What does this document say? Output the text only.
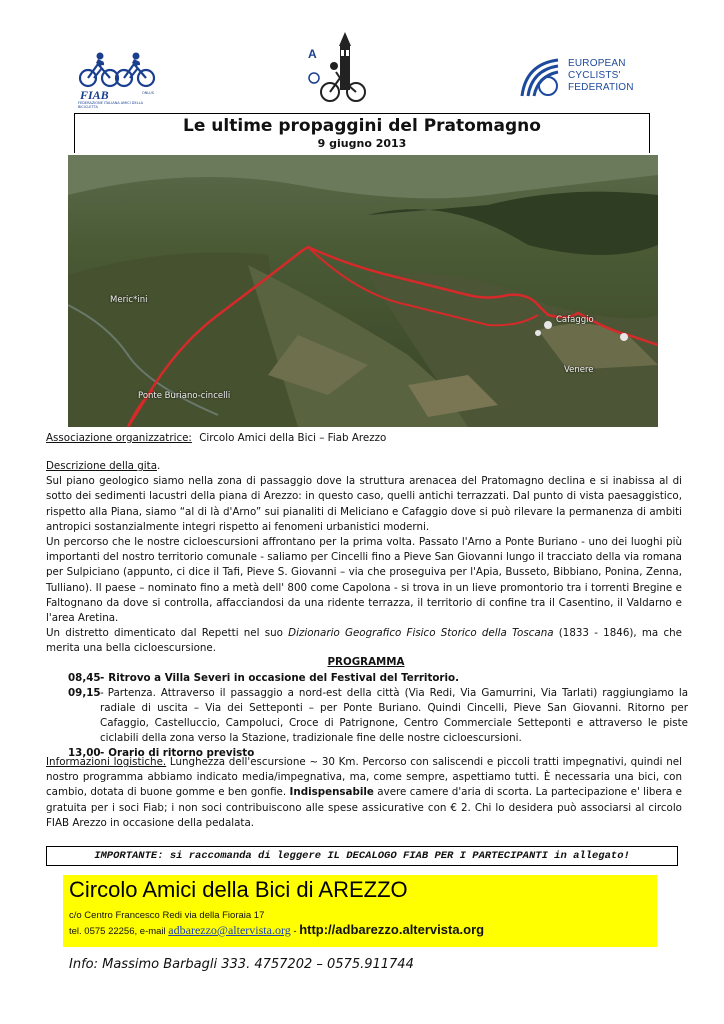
FIAB	ONLUS
FEDERAZIONE ITALIANA AMICI DELLA BICICLETTA
A
EUROPEAN
CYCLISTS'
FEDERATION
Le ultime propaggini del Pratomagno
9 giugno 2013
Ponte Buriano-cincelli
Venere
Meric*ini
Cafaggio
Associazione organizzatrice: Circolo Amici della Bici – Fiab Arezzo
Descrizione della gita.
Sul piano geologico siamo nella zona di passaggio dove la struttura arenacea del Pratomagno declina e si inabissa al di sotto dei sedimenti lacustri della piana di Arezzo: in questo caso, quelli antichi terrazzati. Dal punto di vista paesaggistico, rispetto alla Piana, siamo “al di là d'Arno” sui pianaliti di Meliciano e Cafaggio dove si può rilevare la permanenza di ambiti antropici sostanzialmente integri rispetto ai fenomeni urbanistici moderni.
Un percorso che le nostre cicloescursioni affrontano per la prima volta. Passato l'Arno a Ponte Buriano - uno dei luoghi più importanti del nostro territorio comunale - saliamo per Cincelli fino a Pieve San Giovanni lungo il tracciato della via romana per Sulpiciano (appunto, ci dice il Tafi, Pieve S. Giovanni – via che proseguiva per l'Apia, Busseto, Bibbiano, Ponina, Zenna, Tulliano). Il paese – nominato fino a metà dell' 800 come Capolona - si trova in un lieve promontorio tra i torrenti Bregine e Faltognano da dove si controlla, affacciandosi da una ridente terrazza, il territorio di confine tra il Casentino, il Valdarno e l'area Aretina.
Un distretto dimenticato dal Repetti nel suo Dizionario Geografico Fisico Storico della Toscana (1833 - 1846), ma che merita una bella cicloescursione.
PROGRAMMA
08,45 - Ritrovo a Villa Severi in occasione del Festival del Territorio.
09,15 - Partenza. Attraverso il passaggio a nord-est della città (Via Redi, Via Gamurrini, Via Tarlati) raggiungiamo la radiale di uscita – Via dei Setteponti – per Ponte Buriano. Quindi Cincelli, Pieve San Giovanni. Ritorno per Cafaggio, Castelluccio, Campoluci, Croce di Patrignone, Centro Commerciale Setteponti e attraverso le piste ciclabili della zona verso la Stazione, tradizionale fine delle nostre cicloescursioni.
13,00 - Orario di ritorno previsto
Informazioni logistiche. Lunghezza dell'escursione ~ 30 Km. Percorso con saliscendi e piccoli tratti impegnativi, quindi nel nostro programma abbiamo indicato media/impegnativa, ma, come sempre, aspettiamo tutti. È necessaria una bici, con cambio, dotata di buone gomme e ben gonfie. Indispensabile avere camere d'aria di scorta. La partecipazione e' libera e gratuita per i soci Fiab; i non soci contribuiscono alle spese assicurative con € 2. Chi lo desidera può associarsi al circolo FIAB Arezzo in occasione della pedalata.
IMPORTANTE: si raccomanda di leggere IL DECALOGO FIAB PER I PARTECIPANTI in allegato!
Circolo Amici della Bici di AREZZO
c/o Centro Francesco Redi via della Fioraia 17
tel. 0575 22256, e-mail adbarezzo@altervista.org - http://adbarezzo.altervista.org
Info: Massimo Barbagli 333. 4757202 – 0575.911744
